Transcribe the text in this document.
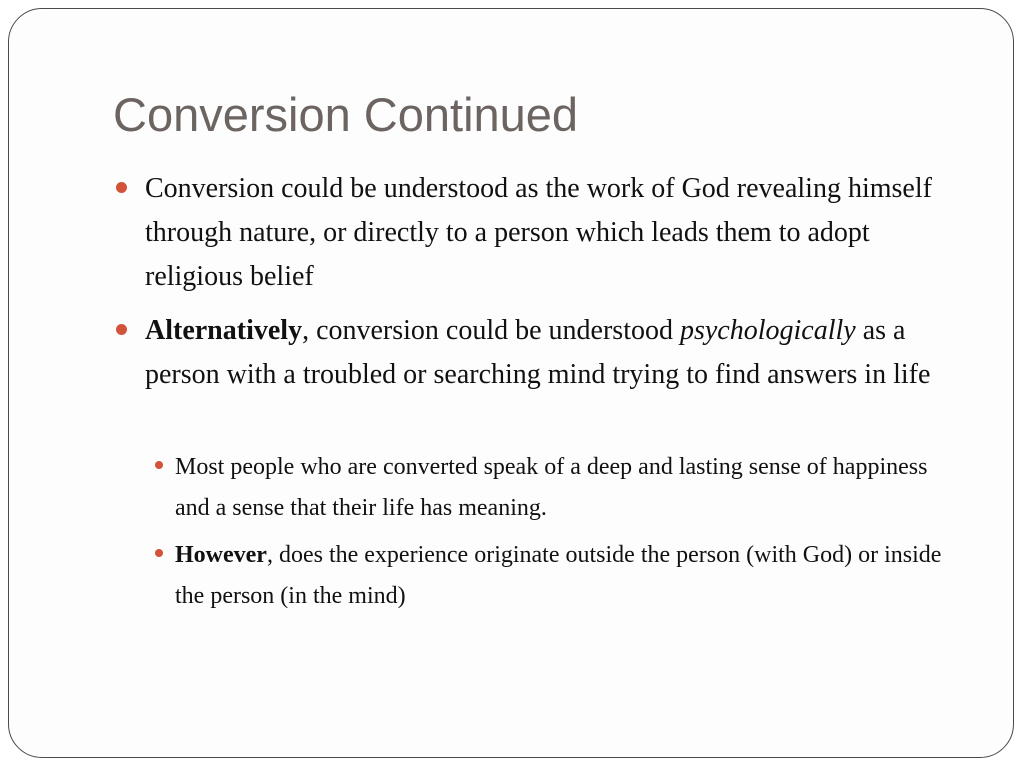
Conversion Continued
Conversion could be understood as the work of God revealing himself through nature, or directly to a person which leads them to adopt religious belief
Alternatively, conversion could be understood psychologically as a person with a troubled or searching mind trying to find answers in life
Most people who are converted speak of a deep and lasting sense of happiness and a sense that their life has meaning.
However, does the experience originate outside the person (with God) or inside the person (in the mind)
